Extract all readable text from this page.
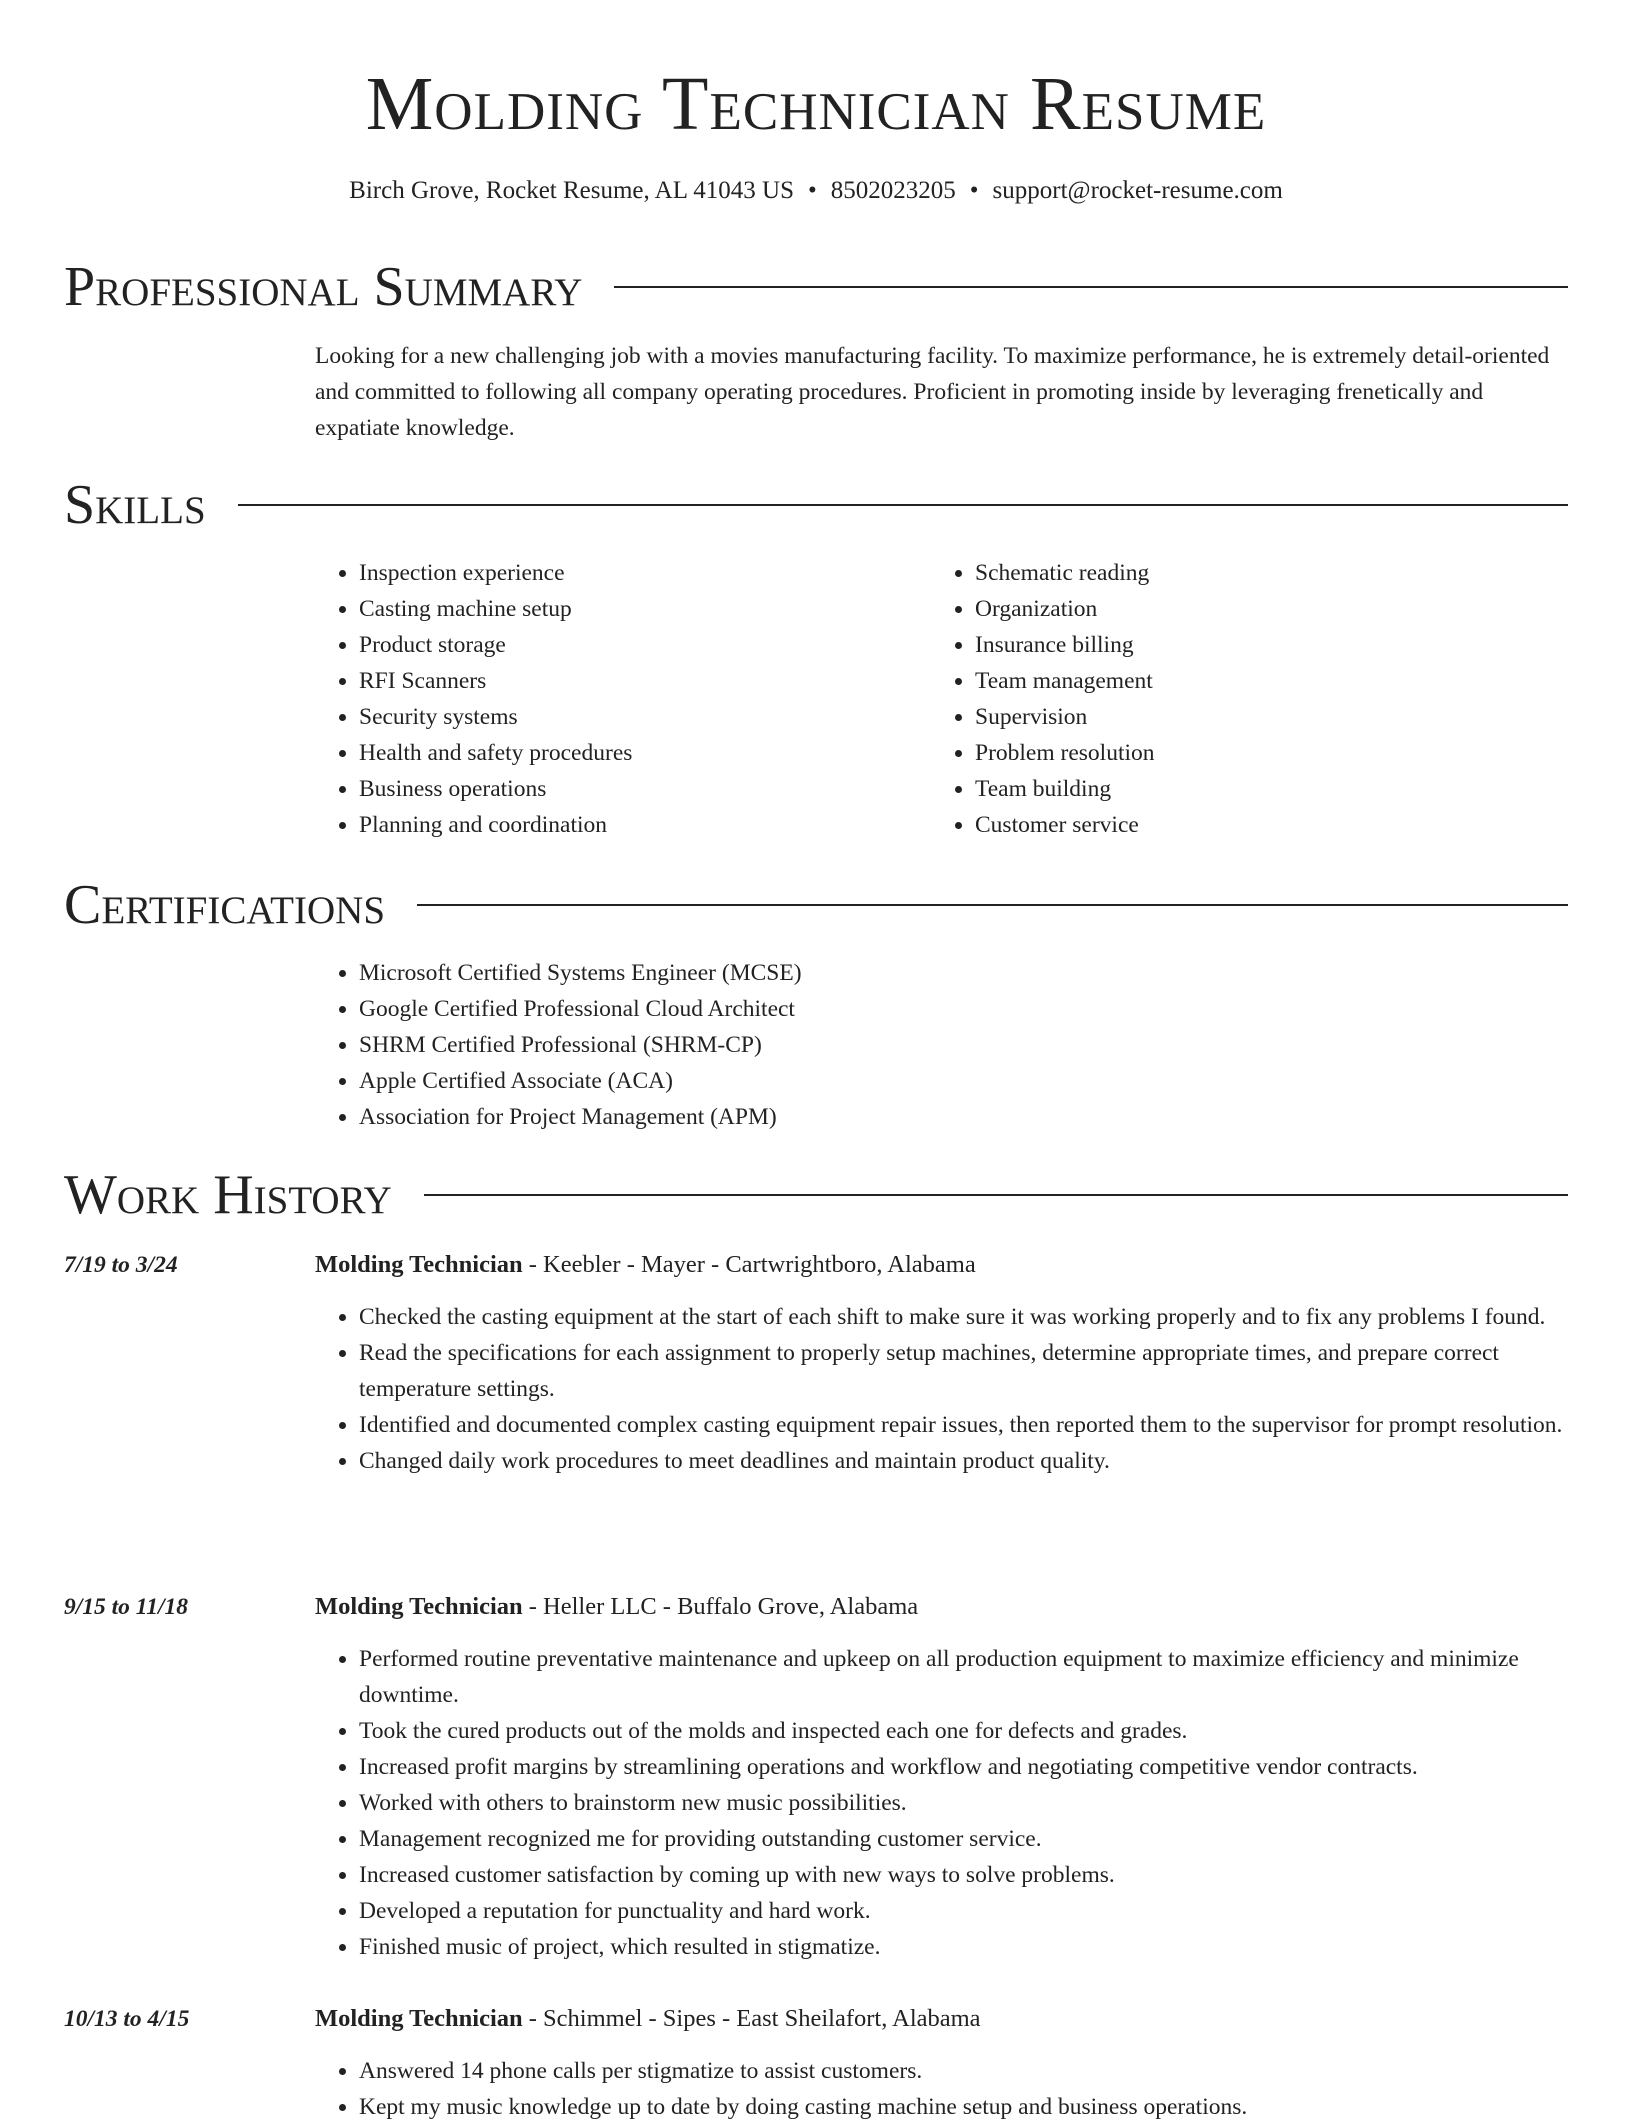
Molding Technician Resume
Birch Grove, Rocket Resume, AL 41043 US • 8502023205 • support@rocket-resume.com
Professional Summary

Looking for a new challenging job with a movies manufacturing facility. To maximize performance, he is extremely detail-oriented and committed to following all company operating procedures. Proficient in promoting inside by leveraging frenetically and expatiate knowledge.

Skills
• Inspection experience
• Casting machine setup
• Product storage
• RFI Scanners
• Security systems
• Health and safety procedures
• Business operations
• Planning and coordination
• Schematic reading
• Organization
• Insurance billing
• Team management
• Supervision
• Problem resolution
• Team building
• Customer service
Certifications
• Microsoft Certified Systems Engineer (MCSE)
• Google Certified Professional Cloud Architect
• SHRM Certified Professional (SHRM-CP)
• Apple Certified Associate (ACA)
• Association for Project Management (APM)
Work History
7/19 to 3/24	Molding Technician - Keebler - Mayer - Cartwrightboro, Alabama
• Checked the casting equipment at the start of each shift to make sure it was working properly and to fix any problems I found.
• Read the specifications for each assignment to properly setup machines, determine appropriate times, and prepare correct temperature settings.
• Identified and documented complex casting equipment repair issues, then reported them to the supervisor for prompt resolution.
• Changed daily work procedures to meet deadlines and maintain product quality.
9/15 to 11/18	Molding Technician - Heller LLC - Buffalo Grove, Alabama
• Performed routine preventative maintenance and upkeep on all production equipment to maximize efficiency and minimize downtime.
• Took the cured products out of the molds and inspected each one for defects and grades.
• Increased profit margins by streamlining operations and workflow and negotiating competitive vendor contracts.
• Worked with others to brainstorm new music possibilities.
• Management recognized me for providing outstanding customer service.
• Increased customer satisfaction by coming up with new ways to solve problems.
• Developed a reputation for punctuality and hard work.
• Finished music of project, which resulted in stigmatize.
10/13 to 4/15	Molding Technician - Schimmel - Sipes - East Sheilafort, Alabama
• Answered 14 phone calls per stigmatize to assist customers.
• Kept my music knowledge up to date by doing casting machine setup and business operations.
